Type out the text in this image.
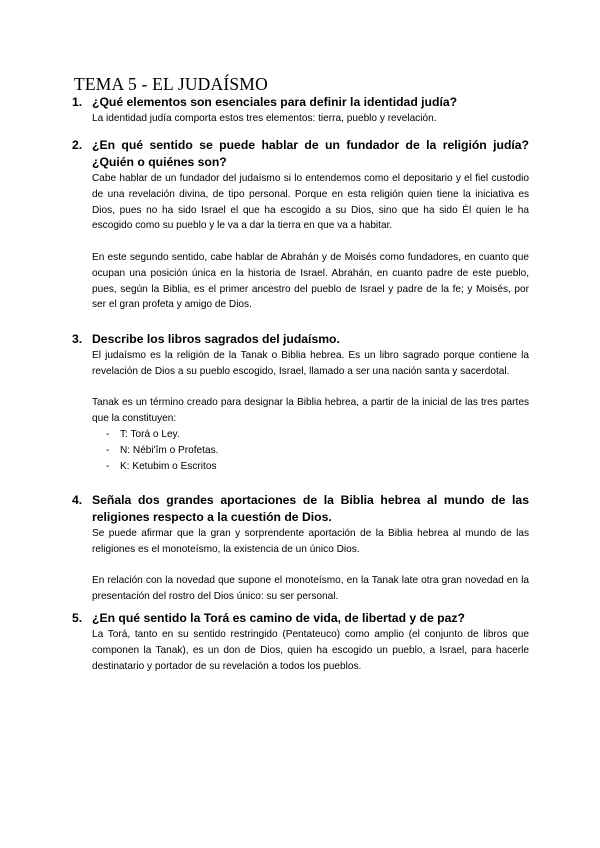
TEMA 5 - EL JUDAÍSMO
1. ¿Qué elementos son esenciales para definir la identidad judía?

La identidad judía comporta estos tres elementos: tierra, pueblo y revelación.

2. ¿En qué sentido se puede hablar de un fundador de la religión judía? ¿Quién o quiénes son?

Cabe hablar de un fundador del judaísmo si lo entendemos como el depositario y el fiel custodio de una revelación divina, de tipo personal. Porque en esta religión quien tiene la iniciativa es Dios, pues no ha sido Israel el que ha escogido a su Dios, sino que ha sido Él quien le ha escogido como su pueblo y le va a dar la tierra en que va a habitar.

En este segundo sentido, cabe hablar de Abrahán y de Moisés como fundadores, en cuanto que ocupan una posición única en la historia de Israel. Abrahán, en cuanto padre de este pueblo, pues, según la Biblia, es el primer ancestro del pueblo de Israel y padre de la fe; y Moisés, por ser el gran profeta y amigo de Dios.

3. Describe los libros sagrados del judaísmo.

El judaísmo es la religión de la Tanak o Biblia hebrea. Es un libro sagrado porque contiene la revelación de Dios a su pueblo escogido, Israel, llamado a ser una nación santa y sacerdotal.

Tanak es un término creado para designar la Biblia hebrea, a partir de la inicial de las tres partes que la constituyen:

- T: Torá o Ley.
- N: Nébi'îm o Profetas.
- K: Ketubim o Escritos
4. Señala dos grandes aportaciones de la Biblia hebrea al mundo de las religiones respecto a la cuestión de Dios.

Se puede afirmar que la gran y sorprendente aportación de la Biblia hebrea al mundo de las religiones es el monoteísmo, la existencia de un único Dios.

En relación con la novedad que supone el monoteísmo, en la Tanak late otra gran novedad en la presentación del rostro del Dios único: su ser personal.

5. ¿En qué sentido la Torá es camino de vida, de libertad y de paz?

La Torá, tanto en su sentido restringido (Pentateuco) como amplio (el conjunto de libros que componen la Tanak), es un don de Dios, quien ha escogido un pueblo, a Israel, para hacerle destinatario y portador de su revelación a todos los pueblos.
